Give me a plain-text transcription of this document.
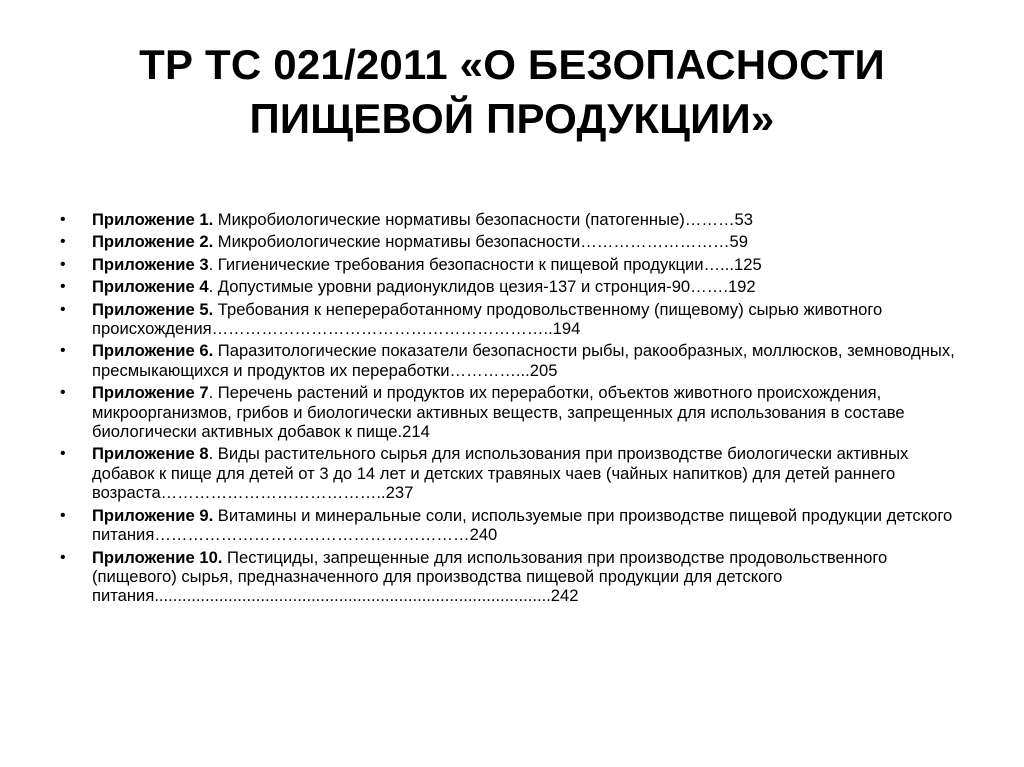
ТР ТС 021/2011 «О БЕЗОПАСНОСТИ
ПИЩЕВОЙ ПРОДУКЦИИ»
•	Приложение 1. Микробиологические нормативы безопасности (патогенные)………53
•	Приложение 2. Микробиологические нормативы безопасности………………………59
•	Приложение 3. Гигиенические требования безопасности к пищевой продукции…...125
•	Приложение 4. Допустимые уровни радионуклидов цезия-137 и стронция-90…….192
•	Приложение 5. Требования к непереработанному продовольственному (пищевому) сырью животного происхождения……………………………………………………..194
•	Приложение 6. Паразитологические показатели безопасности рыбы, ракообразных, моллюсков, земноводных, пресмыкающихся и продуктов их переработки…………...205
•	Приложение 7. Перечень растений и продуктов их переработки, объектов животного происхождения, микроорганизмов, грибов и биологически активных веществ, запрещенных для использования в составе биологически активных добавок к пище.214
•	Приложение 8. Виды растительного сырья для использования при производстве биологически активных добавок к пище для детей от 3 до 14 лет и детских травяных чаев (чайных напитков) для детей раннего возраста…………………………………..237
•	Приложение 9. Витамины и минеральные соли, используемые при производстве пищевой продукции детского питания…………………………………………………240
•	Приложение 10. Пестициды, запрещенные для использования при производстве продовольственного (пищевого) сырья, предназначенного для производства пищевой продукции для детского питания......................................................................................242
